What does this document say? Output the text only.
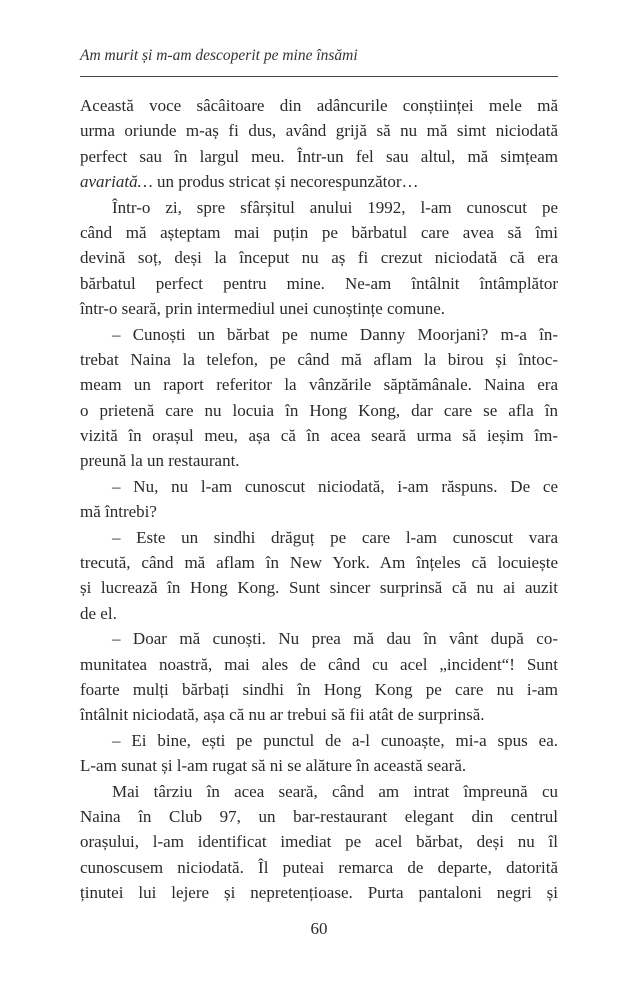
Am murit și m-am descoperit pe mine însămi
Această voce sâcâitoare din adâncurile conștiinței mele mă
urma oriunde m-aș fi dus, având grijă să nu mă simt niciodată
perfect sau în largul meu. Într-un fel sau altul, mă simțeam
avariată… un produs stricat și necorespunzător…
Într-o zi, spre sfârșitul anului 1992, l-am cunoscut pe
când mă așteptam mai puțin pe bărbatul care avea să îmi
devină soț, deși la început nu aș fi crezut niciodată că era
bărbatul perfect pentru mine. Ne-am întâlnit întâmplător
într-o seară, prin intermediul unei cunoștințe comune.
– Cunoști un bărbat pe nume Danny Moorjani? m-a în-
trebat Naina la telefon, pe când mă aflam la birou și întoc-
meam un raport referitor la vânzările săptămânale. Naina era
o prietenă care nu locuia în Hong Kong, dar care se afla în
vizită în orașul meu, așa că în acea seară urma să ieșim îm-
preună la un restaurant.
– Nu, nu l-am cunoscut niciodată, i-am răspuns. De ce
mă întrebi?
– Este un sindhi drăguț pe care l-am cunoscut vara
trecută, când mă aflam în New York. Am înțeles că locuiește
și lucrează în Hong Kong. Sunt sincer surprinsă că nu ai auzit
de el.
– Doar mă cunoști. Nu prea mă dau în vânt după co-
munitatea noastră, mai ales de când cu acel „incident“! Sunt
foarte mulți bărbați sindhi în Hong Kong pe care nu i-am
întâlnit niciodată, așa că nu ar trebui să fii atât de surprinsă.
– Ei bine, ești pe punctul de a-l cunoaște, mi-a spus ea.
L-am sunat și l-am rugat să ni se alăture în această seară.
Mai târziu în acea seară, când am intrat împreună cu
Naina în Club 97, un bar-restaurant elegant din centrul
orașului, l-am identificat imediat pe acel bărbat, deși nu îl
cunoscusem niciodată. Îl puteai remarca de departe, datorită
ținutei lui lejere și nepretențioase. Purta pantaloni negri și
60
